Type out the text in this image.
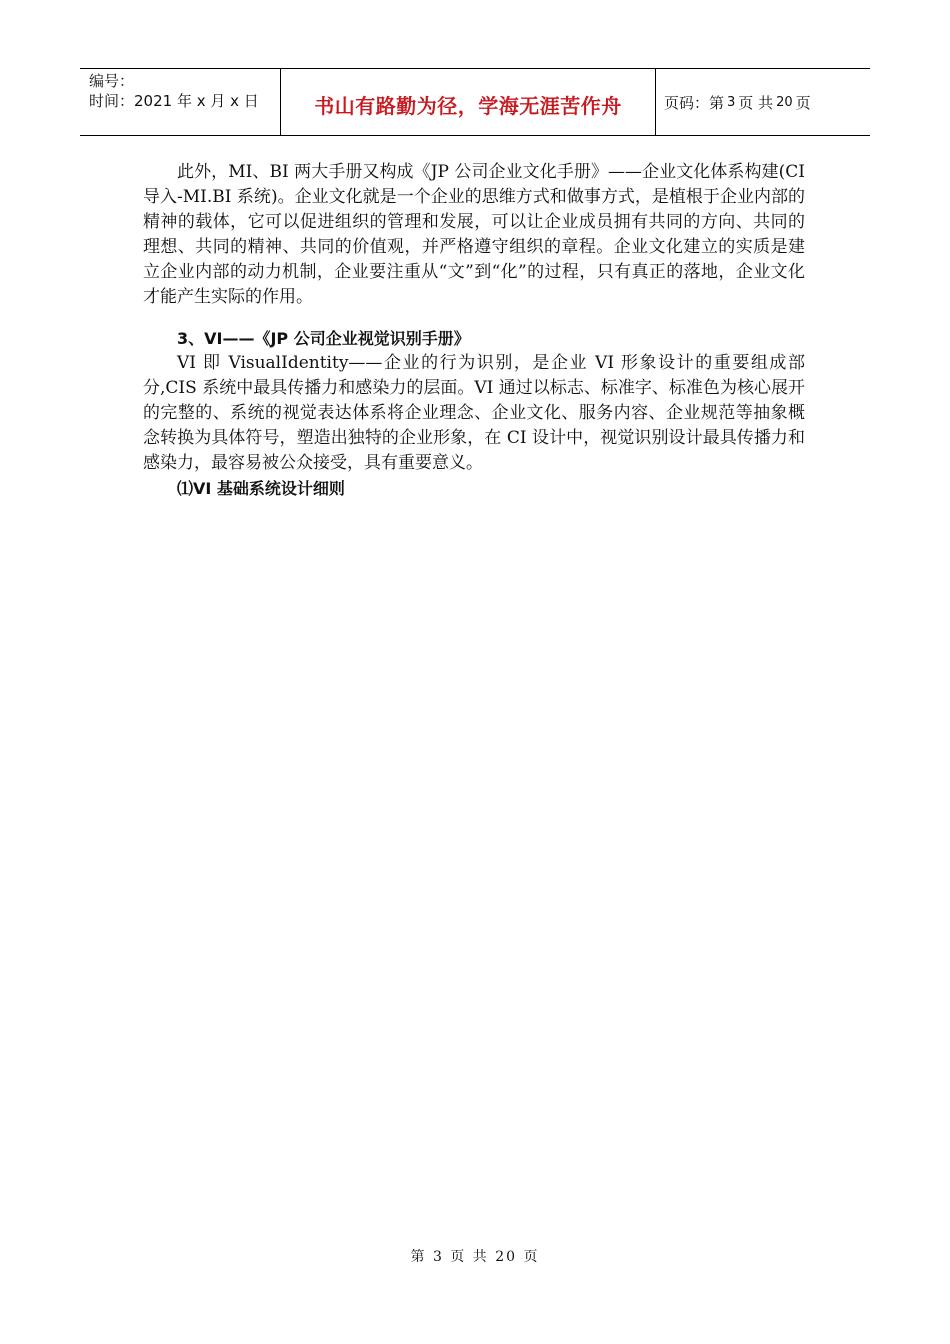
编号：
时间：2021 年 x 月 x 日	书山有路勤为径，学海无涯苦作舟	页码：第 3 页 共 20 页

此外，MI、BI 两大手册又构成《JP 公司企业文化手册》——企业文化体系构建(CI 导入-MI.BI 系统)。企业文化就是一个企业的思维方式和做事方式，是植根于企业内部的精神的载体，它可以促进组织的管理和发展，可以让企业成员拥有共同的方向、共同的理想、共同的精神、共同的价值观，并严格遵守组织的章程。企业文化建立的实质是建立企业内部的动力机制，企业要注重从“文”到“化”的过程，只有真正的落地，企业文化才能产生实际的作用。

3、VI——《JP 公司企业视觉识别手册》

VI 即 VisualIdentity——企业的行为识别，是企业 VI 形象设计的重要组成部分,CIS 系统中最具传播力和感染力的层面。VI 通过以标志、标准字、标准色为核心展开的完整的、系统的视觉表达体系将企业理念、企业文化、服务内容、企业规范等抽象概念转换为具体符号，塑造出独特的企业形象，在 CI 设计中，视觉识别设计最具传播力和感染力，最容易被公众接受，具有重要意义。

⑴VI 基础系统设计细则

第 3 页 共 20 页
